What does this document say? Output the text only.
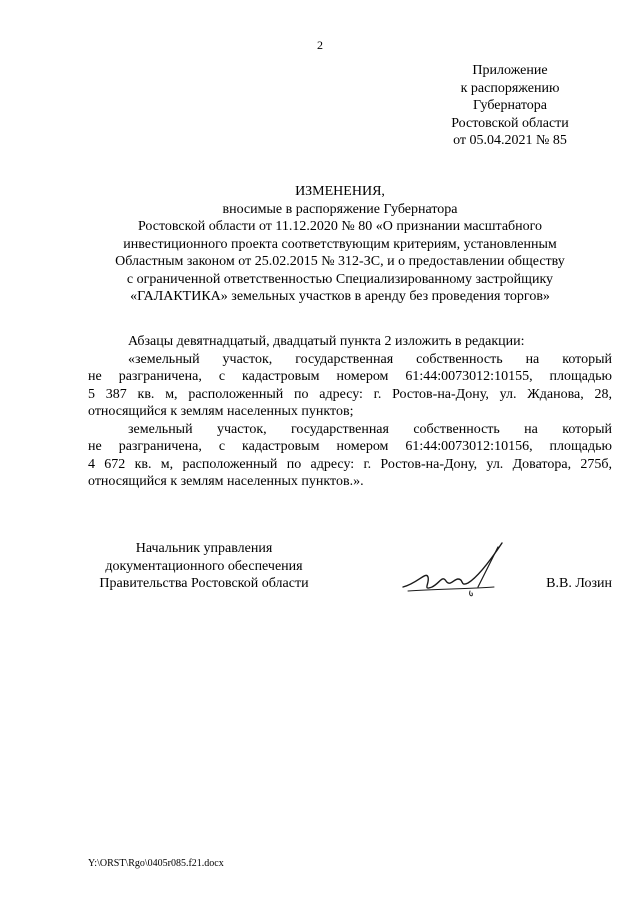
2
Приложение
к распоряжению
Губернатора
Ростовской области
от 05.04.2021 № 85
ИЗМЕНЕНИЯ,
вносимые в распоряжение Губернатора
Ростовской области от 11.12.2020 № 80 «О признании масштабного
инвестиционного проекта соответствующим критериям, установленным
Областным законом от 25.02.2015 № 312-ЗС, и о предоставлении обществу
с ограниченной ответственностью Специализированному застройщику
«ГАЛАКТИКА» земельных участков в аренду без проведения торгов»

Абзацы девятнадцатый, двадцатый пункта 2 изложить в редакции:

«земельный участок, государственная собственность на который

не разграничена, с кадастровым номером 61:44:0073012:10155, площадью

5 387 кв. м, расположенный по адресу: г. Ростов-на-Дону, ул. Жданова, 28,

относящийся к землям населенных пунктов;

земельный участок, государственная собственность на который

не разграничена, с кадастровым номером 61:44:0073012:10156, площадью

4 672 кв. м, расположенный по адресу: г. Ростов-на-Дону, ул. Доватора, 275б,

относящийся к землям населенных пунктов.».

Начальник управления
документационного обеспечения
Правительства Ростовской области	В.В. Лозин
Y:\ORST\Rgo\0405r085.f21.docx
